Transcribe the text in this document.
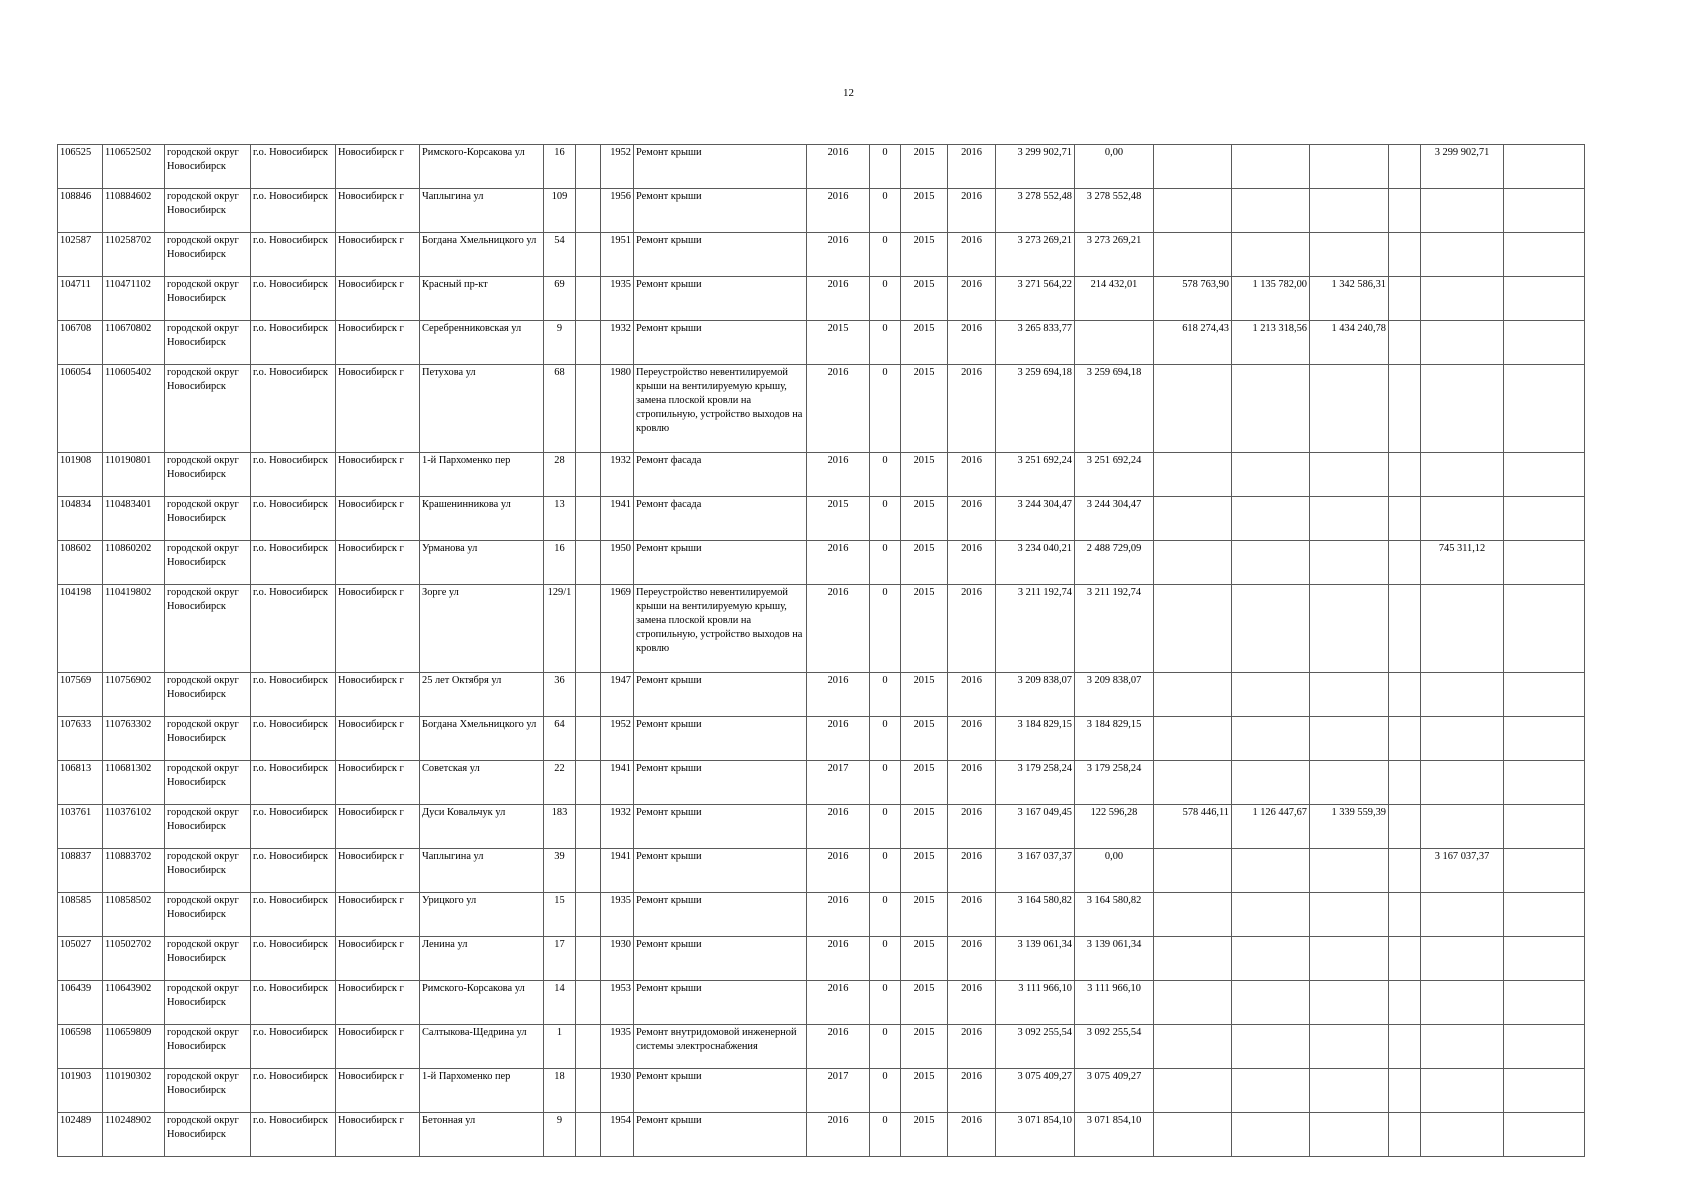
12
106525	110652502	городской округ Новосибирск	г.о. Новосибирск	Новосибирск г	Римского-Корсакова ул	16		1952	Ремонт крыши	2016	0	2015	2016	3 299 902,71	0,00					3 299 902,71	
108846	110884602	городской округ Новосибирск	г.о. Новосибирск	Новосибирск г	Чаплыгина ул	109		1956	Ремонт крыши	2016	0	2015	2016	3 278 552,48	3 278 552,48						
102587	110258702	городской округ Новосибирск	г.о. Новосибирск	Новосибирск г	Богдана Хмельницкого ул	54		1951	Ремонт крыши	2016	0	2015	2016	3 273 269,21	3 273 269,21						
104711	110471102	городской округ Новосибирск	г.о. Новосибирск	Новосибирск г	Красный пр-кт	69		1935	Ремонт крыши	2016	0	2015	2016	3 271 564,22	214 432,01	578 763,90	1 135 782,00	1 342 586,31			
106708	110670802	городской округ Новосибирск	г.о. Новосибирск	Новосибирск г	Серебренниковская ул	9		1932	Ремонт крыши	2015	0	2015	2016	3 265 833,77		618 274,43	1 213 318,56	1 434 240,78			
106054	110605402	городской округ Новосибирск	г.о. Новосибирск	Новосибирск г	Петухова ул	68		1980	Переустройство невентилируемой крыши на вентилируемую крышу, замена плоской кровли на стропильную, устройство выходов на кровлю	2016	0	2015	2016	3 259 694,18	3 259 694,18						
101908	110190801	городской округ Новосибирск	г.о. Новосибирск	Новосибирск г	1-й Пархоменко пер	28		1932	Ремонт фасада	2016	0	2015	2016	3 251 692,24	3 251 692,24						
104834	110483401	городской округ Новосибирск	г.о. Новосибирск	Новосибирск г	Крашенинникова ул	13		1941	Ремонт фасада	2015	0	2015	2016	3 244 304,47	3 244 304,47						
108602	110860202	городской округ Новосибирск	г.о. Новосибирск	Новосибирск г	Урманова ул	16		1950	Ремонт крыши	2016	0	2015	2016	3 234 040,21	2 488 729,09					745 311,12	
104198	110419802	городской округ Новосибирск	г.о. Новосибирск	Новосибирск г	Зорге ул	129/1		1969	Переустройство невентилируемой крыши на вентилируемую крышу, замена плоской кровли на стропильную, устройство выходов на кровлю	2016	0	2015	2016	3 211 192,74	3 211 192,74						
107569	110756902	городской округ Новосибирск	г.о. Новосибирск	Новосибирск г	25 лет Октября ул	36		1947	Ремонт крыши	2016	0	2015	2016	3 209 838,07	3 209 838,07						
107633	110763302	городской округ Новосибирск	г.о. Новосибирск	Новосибирск г	Богдана Хмельницкого ул	64		1952	Ремонт крыши	2016	0	2015	2016	3 184 829,15	3 184 829,15						
106813	110681302	городской округ Новосибирск	г.о. Новосибирск	Новосибирск г	Советская ул	22		1941	Ремонт крыши	2017	0	2015	2016	3 179 258,24	3 179 258,24						
103761	110376102	городской округ Новосибирск	г.о. Новосибирск	Новосибирск г	Дуси Ковальчук ул	183		1932	Ремонт крыши	2016	0	2015	2016	3 167 049,45	122 596,28	578 446,11	1 126 447,67	1 339 559,39			
108837	110883702	городской округ Новосибирск	г.о. Новосибирск	Новосибирск г	Чаплыгина ул	39		1941	Ремонт крыши	2016	0	2015	2016	3 167 037,37	0,00					3 167 037,37	
108585	110858502	городской округ Новосибирск	г.о. Новосибирск	Новосибирск г	Урицкого ул	15		1935	Ремонт крыши	2016	0	2015	2016	3 164 580,82	3 164 580,82						
105027	110502702	городской округ Новосибирск	г.о. Новосибирск	Новосибирск г	Ленина ул	17		1930	Ремонт крыши	2016	0	2015	2016	3 139 061,34	3 139 061,34						
106439	110643902	городской округ Новосибирск	г.о. Новосибирск	Новосибирск г	Римского-Корсакова ул	14		1953	Ремонт крыши	2016	0	2015	2016	3 111 966,10	3 111 966,10						
106598	110659809	городской округ Новосибирск	г.о. Новосибирск	Новосибирск г	Салтыкова-Щедрина ул	1		1935	Ремонт внутридомовой инженерной системы электроснабжения	2016	0	2015	2016	3 092 255,54	3 092 255,54						
101903	110190302	городской округ Новосибирск	г.о. Новосибирск	Новосибирск г	1-й Пархоменко пер	18		1930	Ремонт крыши	2017	0	2015	2016	3 075 409,27	3 075 409,27						
102489	110248902	городской округ Новосибирск	г.о. Новосибирск	Новосибирск г	Бетонная ул	9		1954	Ремонт крыши	2016	0	2015	2016	3 071 854,10	3 071 854,10						
